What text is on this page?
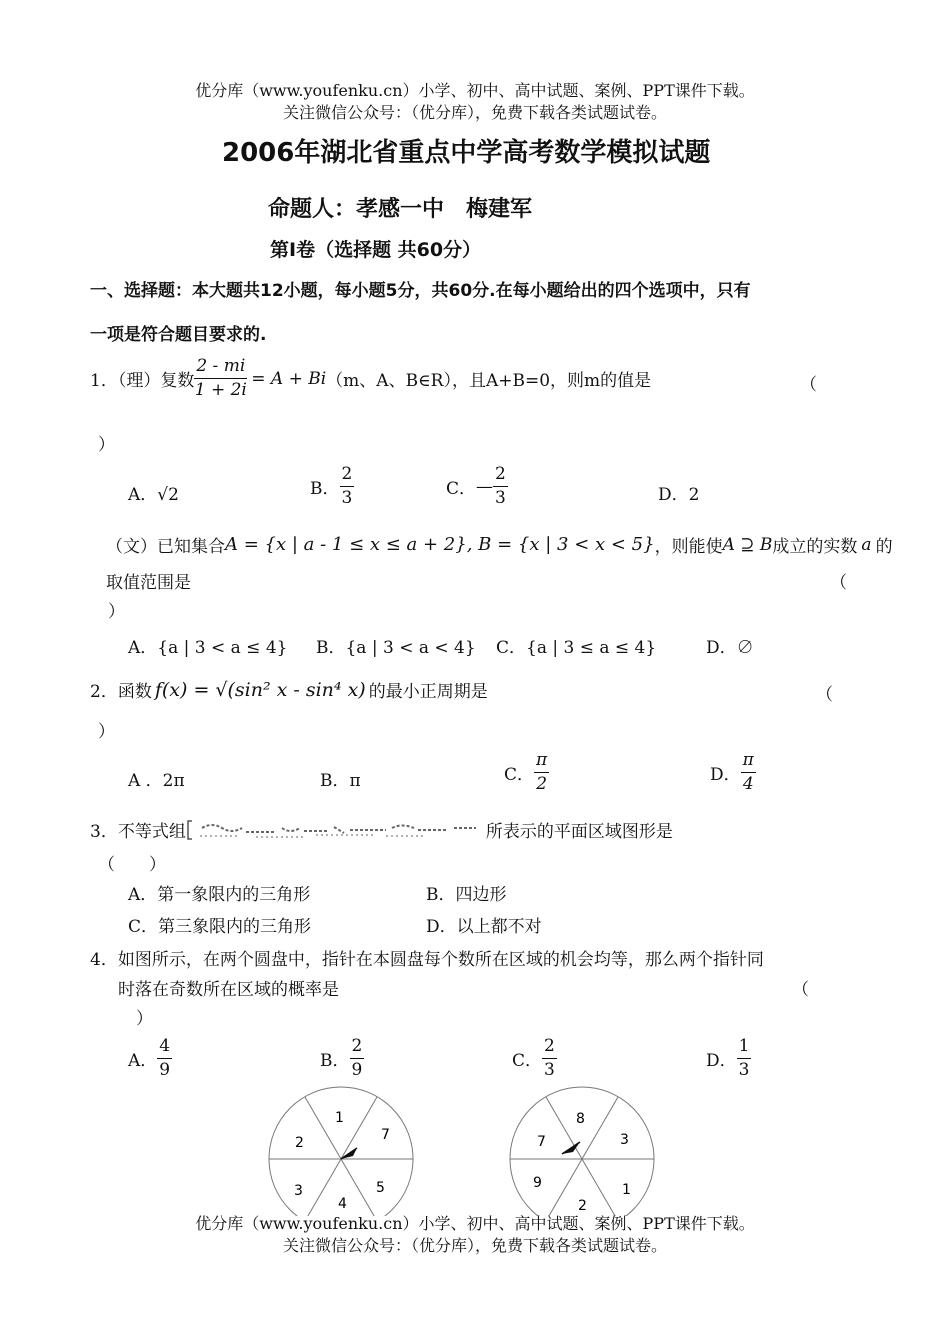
优分库（www.youfenku.cn）小学、初中、高中试题、案例、PPT课件下载。
关注微信公众号：（优分库），免费下载各类试题试卷。
2006年湖北省重点中学高考数学模拟试题
命题人：孝感一中　梅建军
第Ⅰ卷（选择题 共60分）
一、选择题：本大题共12小题，每小题5分，共60分.在每小题给出的四个选项中，只有
一项是符合题目要求的.
1．（理）复数 $\frac{2 - mi}{1 + 2i} = A + Bi$ （m、A、B∈R），且A+B=0，则m的值是	（
）
A．√2	B． $\frac{2}{3}$	C． — $\frac{2}{3}$	D．2
（文）已知集合 A = {x | a - 1 ≤ x ≤ a + 2} , B = {x | 3 < x < 5} ，则能使 A ⊇ B 成立的实数 a 的
取值范围是	（
）
A．{a | 3 < a ≤ 4} B．{a | 3 < a < 4} C．{a | 3 ≤ a ≤ 4}	D．∅
2．函数 f(x) = √(sin² x - sin⁴ x) 的最小正周期是	（
）
A ．2π	B．π	C． $\frac{\pi}{2}$	D． $\frac{\pi}{4}$
3．不等式组	所表示的平面区域图形是
（　　）
A．第一象限内的三角形	B．四边形
C．第三象限内的三角形	D．以上都不对
4．如图所示，在两个圆盘中，指针在本圆盘每个数所在区域的机会均等，那么两个指针同
时落在奇数所在区域的概率是	（
）
A． $\frac{4}{9}$	B． $\frac{2}{9}$	C． $\frac{2}{3}$	D． $\frac{1}{3}$
1
7
5
4
3
2
8
3
1
2
9
7
优分库（www.youfenku.cn）小学、初中、高中试题、案例、PPT课件下载。
关注微信公众号：（优分库），免费下载各类试题试卷。
